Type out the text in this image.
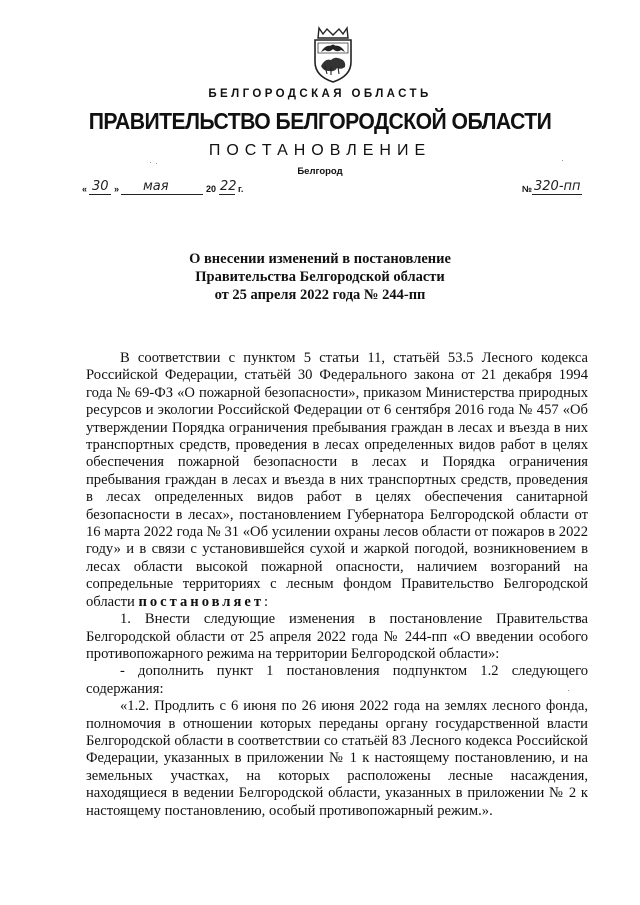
БЕЛГОРОДСКАЯ ОБЛАСТЬ
ПРАВИТЕЛЬСТВО БЕЛГОРОДСКОЙ ОБЛАСТИ
ПОСТАНОВЛЕНИЕ
Белгород
« 30 » мая	20 22 г.	№ 320-пп
О внесении изменений в постановление
Правительства Белгородской области
от 25 апреля 2022 года № 244-пп

В соответствии с пунктом 5 статьи 11, статьёй 53.5 Лесного кодекса Российской Федерации, статьёй 30 Федерального закона от 21 декабря 1994 года № 69-ФЗ «О пожарной безопасности», приказом Министерства природных ресурсов и экологии Российской Федерации от 6 сентября 2016 года № 457 «Об утверждении Порядка ограничения пребывания граждан в лесах и въезда в них транспортных средств, проведения в лесах определенных видов работ в целях обеспечения пожарной безопасности в лесах и Порядка ограничения пребывания граждан в лесах и въезда в них транспортных средств, проведения в лесах определенных видов работ в целях обеспечения санитарной безопасности в лесах», постановлением Губернатора Белгородской области от 16 марта 2022 года № 31 «Об усилении охраны лесов области от пожаров в 2022 году» и в связи с установившейся сухой и жаркой погодой, возникновением в лесах области высокой пожарной опасности, наличием возгораний на сопредельные территориях с лесным фондом Правительство Белгородской области постановляет:

1. Внести следующие изменения в постановление Правительства Белгородской области от 25 апреля 2022 года № 244-пп «О введении особого противопожарного режима на территории Белгородской области»:

- дополнить пункт 1 постановления подпунктом 1.2 следующего содержания:

«1.2. Продлить с 6 июня по 26 июня 2022 года на землях лесного фонда, полномочия в отношении которых переданы органу государственной власти Белгородской области в соответствии со статьёй 83 Лесного кодекса Российской Федерации, указанных в приложении № 1 к настоящему постановлению, и на земельных участках, на которых расположены лесные насаждения, находящиеся в ведении Белгородской области, указанных в приложении № 2 к настоящему постановлению, особый противопожарный режим.».
